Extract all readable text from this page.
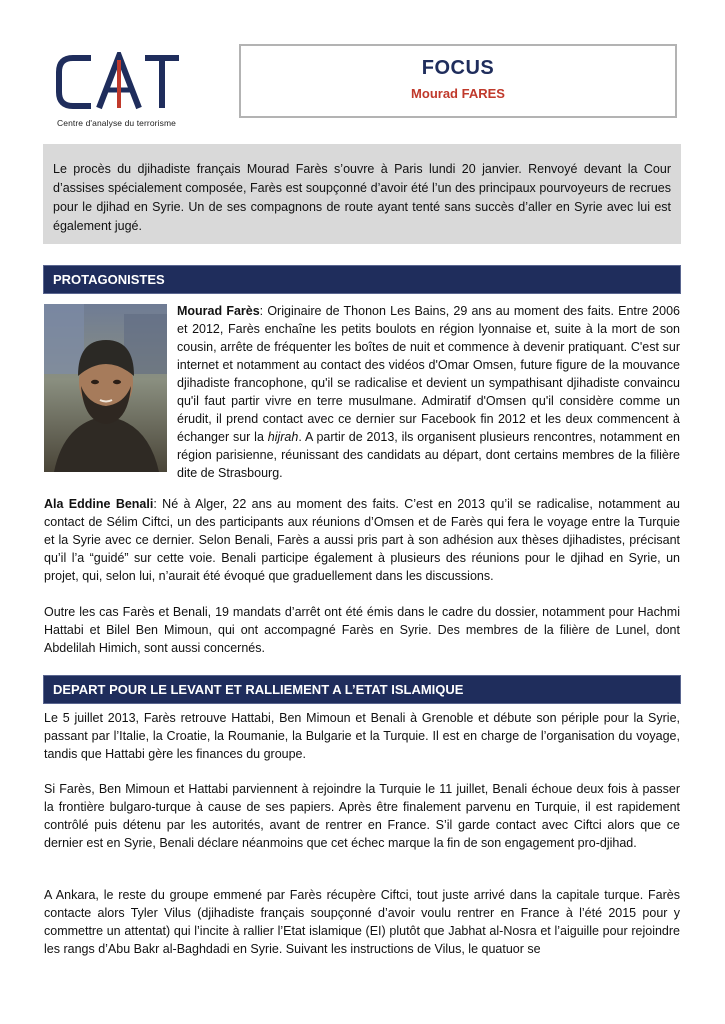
Centre d'analyse du terrorisme
FOCUS
Mourad FARES
Le procès du djihadiste français Mourad Farès s’ouvre à Paris lundi 20 janvier. Renvoyé devant la Cour d’assises spécialement composée, Farès est soupçonné d’avoir été l’un des principaux pourvoyeurs de recrues pour le djihad en Syrie. Un de ses compagnons de route ayant tenté sans succès d’aller en Syrie avec lui est également jugé.
PROTAGONISTES

Mourad Farès: Originaire de Thonon Les Bains, 29 ans au moment des faits. Entre 2006 et 2012, Farès enchaîne les petits boulots en région lyonnaise et, suite à la mort de son cousin, arrête de fréquenter les boîtes de nuit et commence à devenir pratiquant. C'est sur internet et notamment au contact des vidéos d'Omar Omsen, future figure de la mouvance djihadiste francophone, qu'il se radicalise et devient un sympathisant djihadiste convaincu qu'il faut partir vivre en terre musulmane. Admiratif d'Omsen qu'il considère comme un érudit, il prend contact avec ce dernier sur Facebook fin 2012 et les deux commencent à échanger sur la hijrah. A partir de 2013, ils organisent plusieurs rencontres, notamment en région parisienne, réunissant des candidats au départ, dont certains membres de la filière dite de Strasbourg.

Ala Eddine Benali: Né à Alger, 22 ans au moment des faits. C’est en 2013 qu’il se radicalise, notamment au contact de Sélim Ciftci, un des participants aux réunions d’Omsen et de Farès qui fera le voyage entre la Turquie et la Syrie avec ce dernier. Selon Benali, Farès a aussi pris part à son adhésion aux thèses djihadistes, précisant qu’il l’a “guidé” sur cette voie. Benali participe également à plusieurs des réunions pour le djihad en Syrie, un projet, qui, selon lui, n’aurait été évoqué que graduellement dans les discussions.

Outre les cas Farès et Benali, 19 mandats d’arrêt ont été émis dans le cadre du dossier, notamment pour Hachmi Hattabi et Bilel Ben Mimoun, qui ont accompagné Farès en Syrie. Des membres de la filière de Lunel, dont Abdelilah Himich, sont aussi concernés.

DEPART POUR LE LEVANT ET RALLIEMENT A L’ETAT ISLAMIQUE

Le 5 juillet 2013, Farès retrouve Hattabi, Ben Mimoun et Benali à Grenoble et débute son périple pour la Syrie, passant par l’Italie, la Croatie, la Roumanie, la Bulgarie et la Turquie. Il est en charge de l’organisation du voyage, tandis que Hattabi gère les finances du groupe.

Si Farès, Ben Mimoun et Hattabi parviennent à rejoindre la Turquie le 11 juillet, Benali échoue deux fois à passer la frontière bulgaro-turque à cause de ses papiers. Après être finalement parvenu en Turquie, il est rapidement contrôlé puis détenu par les autorités, avant de rentrer en France. S’il garde contact avec Ciftci alors que ce dernier est en Syrie, Benali déclare néanmoins que cet échec marque la fin de son engagement pro-djihad.

A Ankara, le reste du groupe emmené par Farès récupère Ciftci, tout juste arrivé dans la capitale turque. Farès contacte alors Tyler Vilus (djihadiste français soupçonné d’avoir voulu rentrer en France à l’été 2015 pour y commettre un attentat) qui l’incite à rallier l’Etat islamique (EI) plutôt que Jabhat al-Nosra et l’aiguille pour rejoindre les rangs d’Abu Bakr al-Baghdadi en Syrie. Suivant les instructions de Vilus, le quatuor se
